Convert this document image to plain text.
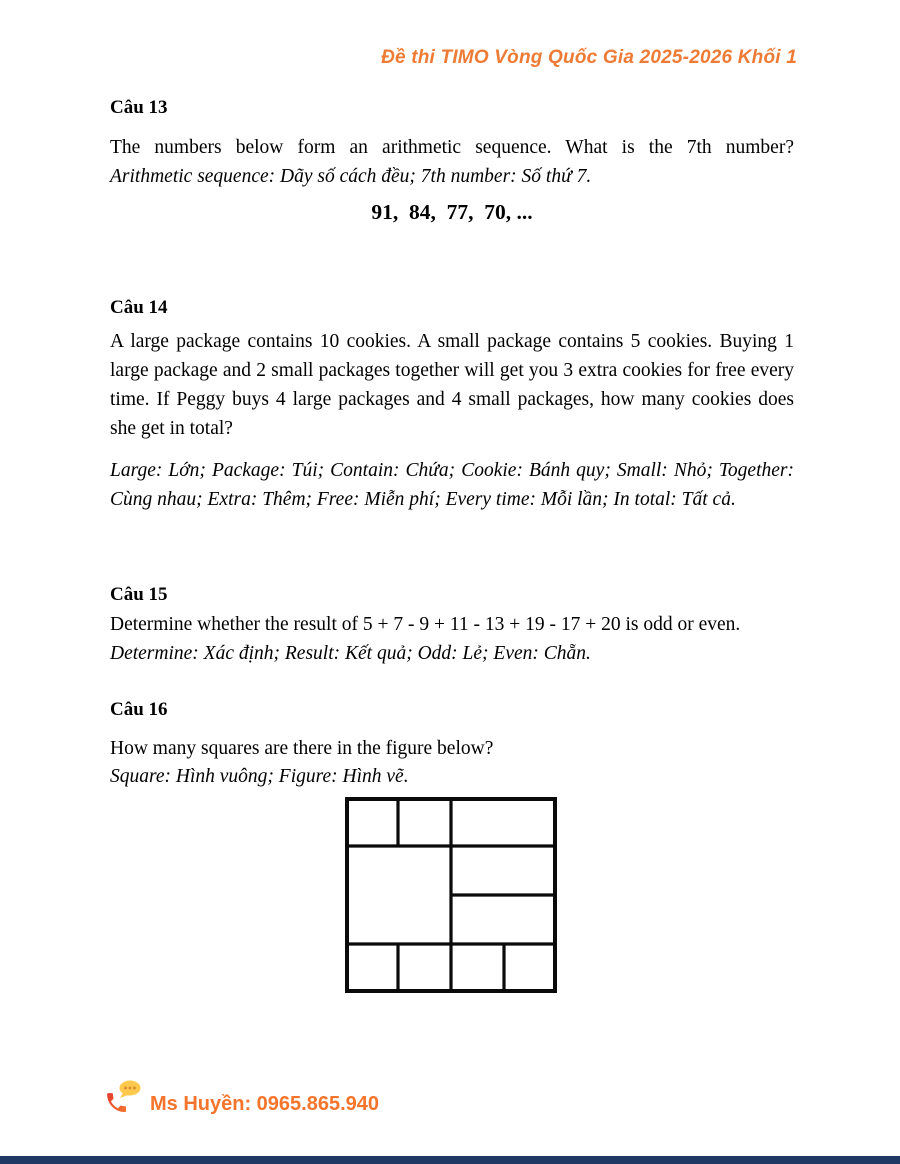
Đề thi TIMO Vòng Quốc Gia 2025-2026 Khối 1
Câu 13
The numbers below form an arithmetic sequence. What is the 7th number?
Arithmetic sequence: Dãy số cách đều; 7th number: Số thứ 7.
91,  84,  77,  70, ...
Câu 14
A large package contains 10 cookies. A small package contains 5 cookies. Buying 1 large package and 2 small packages together will get you 3 extra cookies for free every time. If Peggy buys 4 large packages and 4 small packages, how many cookies does she get in total?
Large: Lớn; Package: Túi; Contain: Chứa; Cookie: Bánh quy; Small: Nhỏ; Together: Cùng nhau; Extra: Thêm; Free: Miễn phí; Every time: Mỗi lần; In total: Tất cả.
Câu 15
Determine whether the result of 5 + 7 - 9 + 11 - 13 + 19 - 17 + 20 is odd or even.
Determine: Xác định; Result: Kết quả; Odd: Lẻ; Even: Chẵn.
Câu 16
How many squares are there in the figure below?
Square: Hình vuông; Figure: Hình vẽ.
Ms Huyền: 0965.865.940
